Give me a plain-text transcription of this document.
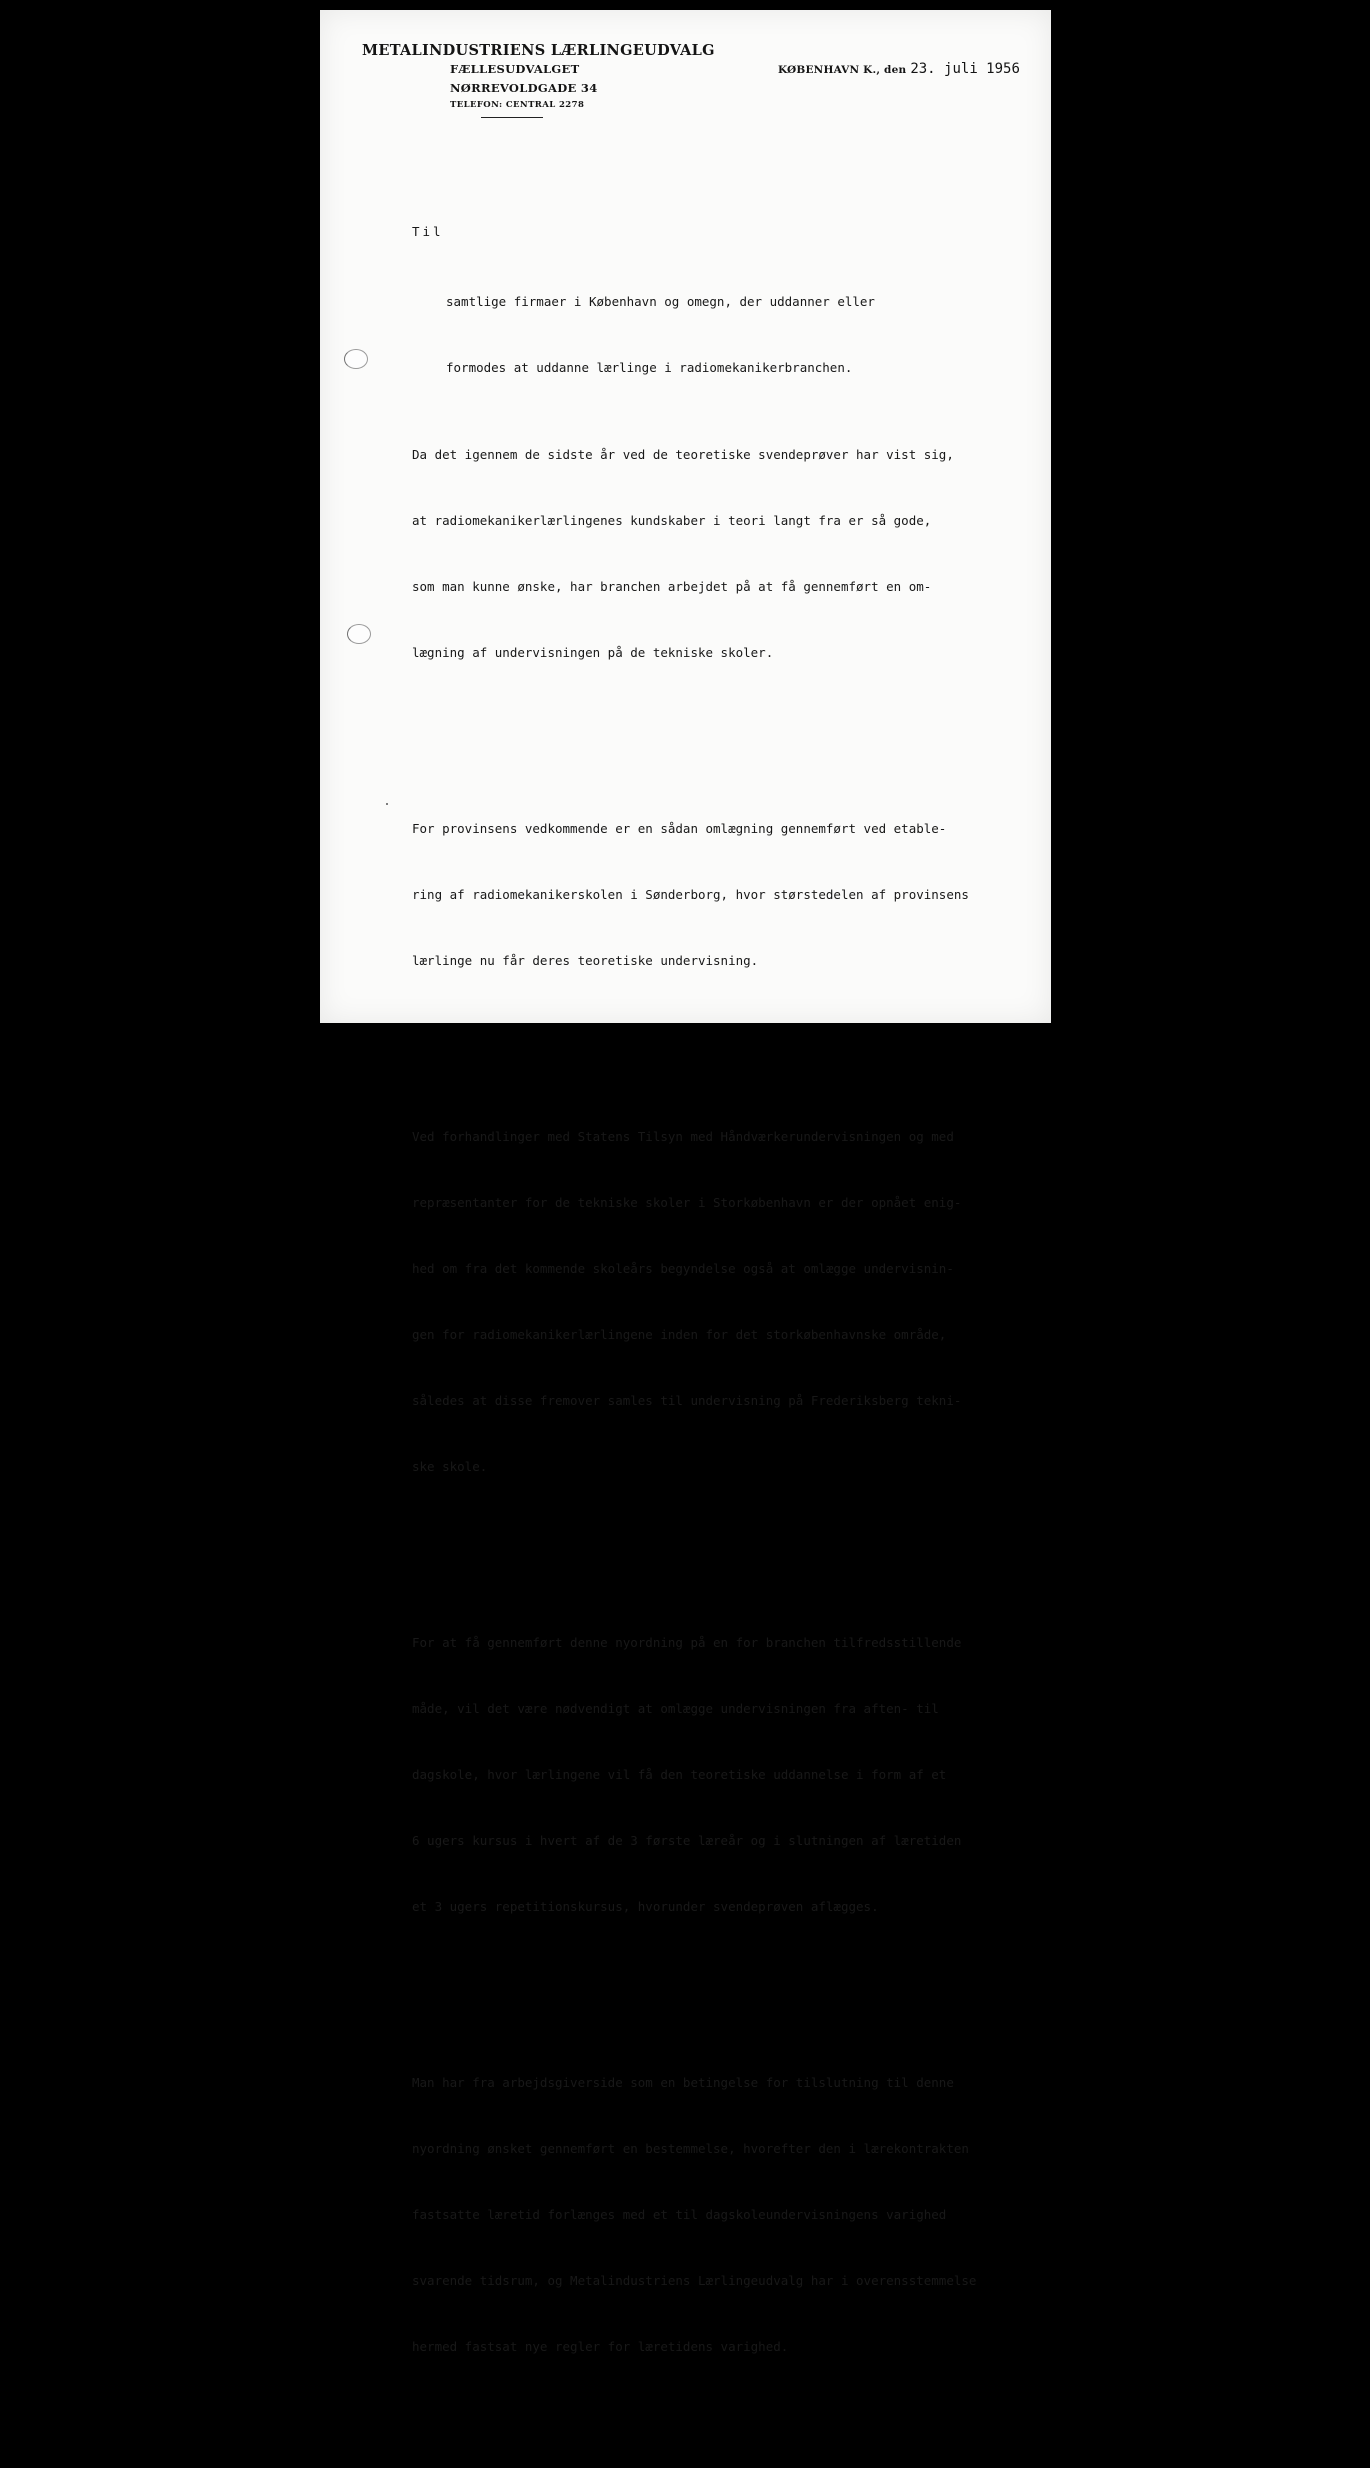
METALINDUSTRIENS LÆRLINGEUDVALG
FÆLLESUDVALGET
NØRREVOLDGADE 34
TELEFON: CENTRAL 2278
KØBENHAVN K., den 23. juli 1956
Til

samtlige firmaer i København og omegn, der uddanner eller

formodes at uddanne lærlinge i radiomekanikerbranchen.

Da det igennem de sidste år ved de teoretiske svendeprøver har vist sig,

at radiomekanikerlærlingenes kundskaber i teori langt fra er så gode,

som man kunne ønske, har branchen arbejdet på at få gennemført en om-

lægning af undervisningen på de tekniske skoler.

For provinsens vedkommende er en sådan omlægning gennemført ved etable-

ring af radiomekanikerskolen i Sønderborg, hvor størstedelen af provinsens

lærlinge nu får deres teoretiske undervisning.

Ved forhandlinger med Statens Tilsyn med Håndværkerundervisningen og med

repræsentanter for de tekniske skoler i Storkøbenhavn er der opnået enig-

hed om fra det kommende skoleårs begyndelse også at omlægge undervisnin-

gen for radiomekanikerlærlingene inden for det storkøbenhavnske område,

således at disse fremover samles til undervisning på Frederiksberg tekni-

ske skole.

For at få gennemført denne nyordning på en for branchen tilfredsstillende

måde, vil det være nødvendigt at omlægge undervisningen fra aften- til

dagskole, hvor lærlingene vil få den teoretiske uddannelse i form af et

6 ugers kursus i hvert af de 3 første læreår og i slutningen af læretiden

et 3 ugers repetitionskursus, hvorunder svendeprøven aflægges.

Man har fra arbejdsgiverside som en betingelse for tilslutning til denne

nyordning ønsket gennemført en bestemmelse, hvorefter den i lærekontrakten

fastsatte læretid forlænges med et til dagskoleundervisningens varighed

svarende tidsrum, og Metalindustriens Lærlingeudvalg har i overensstemmelse

hermed fastsat nye regler for læretidens varighed.
